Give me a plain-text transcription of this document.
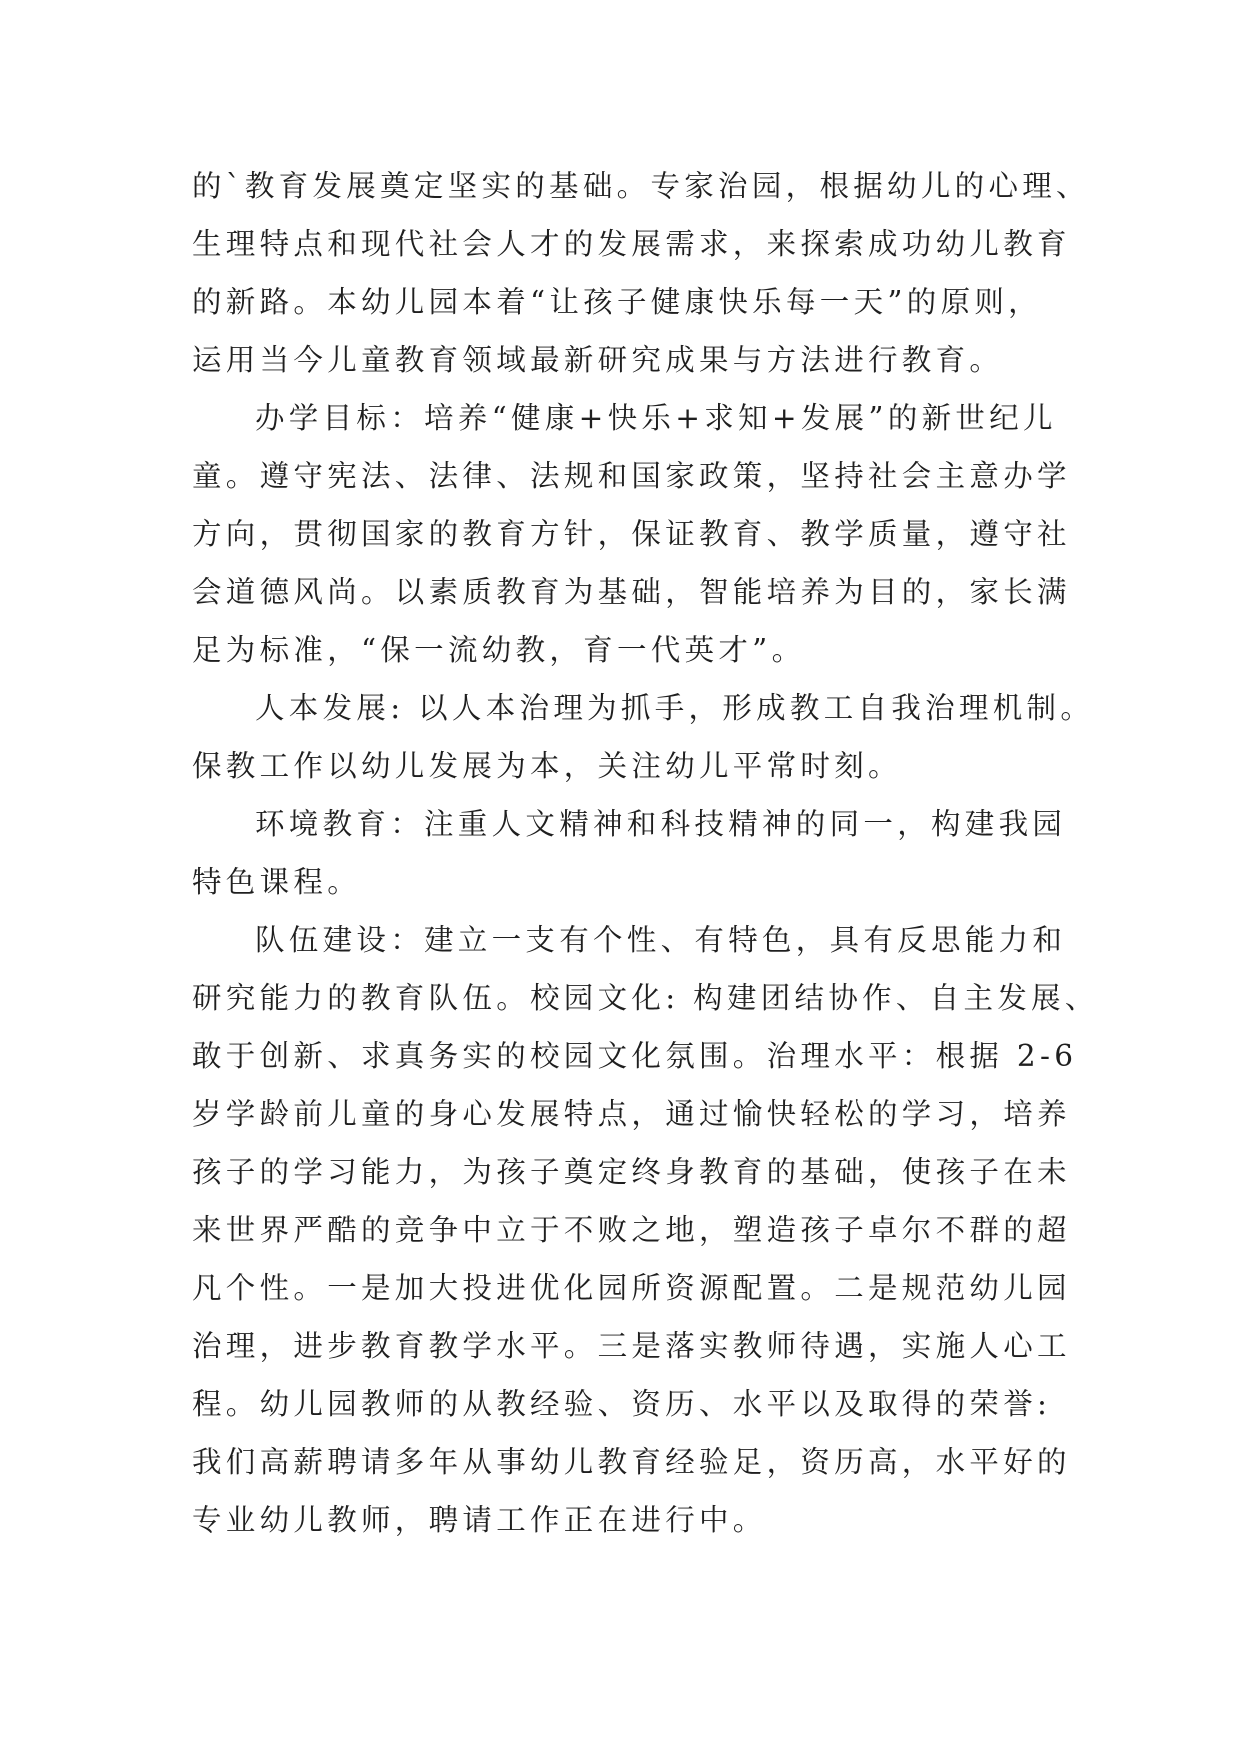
的`教育发展奠定坚实的基础。专家治园，根据幼儿的心理、
生理特点和现代社会人才的发展需求，来探索成功幼儿教育
的新路。本幼儿园本着“让孩子健康快乐每一天”的原则，
运用当今儿童教育领域最新研究成果与方法进行教育。
办学目标：培养“健康+快乐+求知+发展”的新世纪儿
童。遵守宪法、法律、法规和国家政策，坚持社会主意办学
方向，贯彻国家的教育方针，保证教育、教学质量，遵守社
会道德风尚。以素质教育为基础，智能培养为目的，家长满
足为标准，“保一流幼教，育一代英才”。
人本发展: 以人本治理为抓手，形成教工自我治理机制。
保教工作以幼儿发展为本，关注幼儿平常时刻。
环境教育：注重人文精神和科技精神的同一，构建我园
特色课程。
队伍建设：建立一支有个性、有特色，具有反思能力和
研究能力的教育队伍。校园文化: 构建团结协作、自主发展、
敢于创新、求真务实的校园文化氛围。治理水平：根据 2-6
岁学龄前儿童的身心发展特点，通过愉快轻松的学习，培养
孩子的学习能力，为孩子奠定终身教育的基础，使孩子在未
来世界严酷的竞争中立于不败之地，塑造孩子卓尔不群的超
凡个性。一是加大投进优化园所资源配置。二是规范幼儿园
治理，进步教育教学水平。三是落实教师待遇，实施人心工
程。幼儿园教师的从教经验、资历、水平以及取得的荣誉:
我们高薪聘请多年从事幼儿教育经验足，资历高，水平好的
专业幼儿教师，聘请工作正在进行中。
